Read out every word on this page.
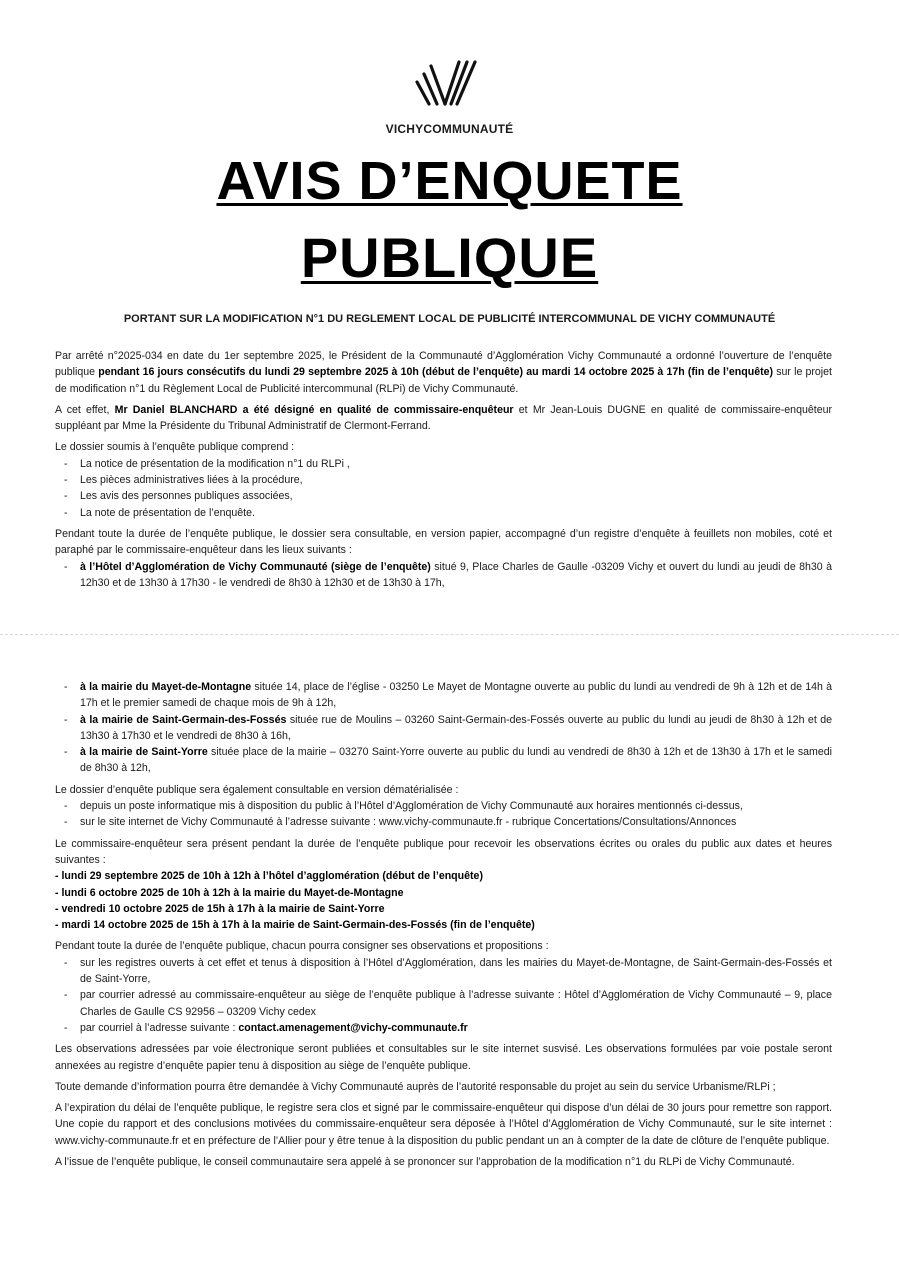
VICHYCOMMUNAUTÉ
AVIS D’ENQUETE
PUBLIQUE
PORTANT SUR LA MODIFICATION N°1 DU REGLEMENT LOCAL DE PUBLICITÉ INTERCOMMUNAL DE VICHY COMMUNAUTÉ

Par arrêté n°2025-034 en date du 1er septembre 2025, le Président de la Communauté d’Agglomération Vichy Communauté a ordonné l’ouverture de l’enquête publique pendant 16 jours consécutifs du lundi 29 septembre 2025 à 10h (début de l’enquête) au mardi 14 octobre 2025 à 17h (fin de l’enquête) sur le projet de modification n°1 du Règlement Local de Publicité intercommunal (RLPi) de Vichy Communauté.

A cet effet, Mr Daniel BLANCHARD a été désigné en qualité de commissaire-enquêteur et Mr Jean-Louis DUGNE en qualité de commissaire-enquêteur suppléant par Mme la Présidente du Tribunal Administratif de Clermont-Ferrand.

Le dossier soumis à l’enquête publique comprend :

- La notice de présentation de la modification n°1 du RLPi ,

- Les pièces administratives liées à la procédure,

- Les avis des personnes publiques associées,

- La note de présentation de l’enquête.

Pendant toute la durée de l’enquête publique, le dossier sera consultable, en version papier, accompagné d’un registre d’enquête à feuillets non mobiles, coté et paraphé par le commissaire-enquêteur dans les lieux suivants :

- à l’Hôtel d’Agglomération de Vichy Communauté (siège de l’enquête) situé 9, Place Charles de Gaulle -03209 Vichy et ouvert du lundi au jeudi de 8h30 à 12h30 et de 13h30 à 17h30 - le vendredi de 8h30 à 12h30 et de 13h30 à 17h,

- à la mairie du Mayet-de-Montagne située 14, place de l’église - 03250 Le Mayet de Montagne ouverte au public du lundi au vendredi de 9h à 12h et de 14h à 17h et le premier samedi de chaque mois de 9h à 12h,

- à la mairie de Saint-Germain-des-Fossés située rue de Moulins – 03260 Saint-Germain-des-Fossés ouverte au public du lundi au jeudi de 8h30 à 12h et de 13h30 à 17h30 et le vendredi de 8h30 à 16h,

- à la mairie de Saint-Yorre située place de la mairie – 03270 Saint-Yorre ouverte au public du lundi au vendredi de 8h30 à 12h et de 13h30 à 17h et le samedi de 8h30 à 12h,

Le dossier d’enquête publique sera également consultable en version dématérialisée :

- depuis un poste informatique mis à disposition du public à l’Hôtel d’Agglomération de Vichy Communauté aux horaires mentionnés ci-dessus,

- sur le site internet de Vichy Communauté à l’adresse suivante : www.vichy-communaute.fr - rubrique Concertations/Consultations/Annonces

Le commissaire-enquêteur sera présent pendant la durée de l’enquête publique pour recevoir les observations écrites ou orales du public aux dates et heures suivantes :

- lundi 29 septembre 2025 de 10h à 12h à l’hôtel d’agglomération (début de l’enquête)

- lundi 6 octobre 2025 de 10h à 12h à la mairie du Mayet-de-Montagne

- vendredi 10 octobre 2025 de 15h à 17h à la mairie de Saint-Yorre

- mardi 14 octobre 2025 de 15h à 17h à la mairie de Saint-Germain-des-Fossés (fin de l’enquête)

Pendant toute la durée de l’enquête publique, chacun pourra consigner ses observations et propositions :

- sur les registres ouverts à cet effet et tenus à disposition à l’Hôtel d’Agglomération, dans les mairies du Mayet-de-Montagne, de Saint-Germain-des-Fossés et de Saint-Yorre,

- par courrier adressé au commissaire-enquêteur au siège de l’enquête publique à l’adresse suivante : Hôtel d’Agglomération de Vichy Communauté – 9, place Charles de Gaulle CS 92956 – 03209 Vichy cedex

- par courriel à l’adresse suivante : contact.amenagement@vichy-communaute.fr

Les observations adressées par voie électronique seront publiées et consultables sur le site internet susvisé. Les observations formulées par voie postale seront annexées au registre d’enquête papier tenu à disposition au siège de l’enquête publique.

Toute demande d’information pourra être demandée à Vichy Communauté auprès de l’autorité responsable du projet au sein du service Urbanisme/RLPi ;

A l’expiration du délai de l’enquête publique, le registre sera clos et signé par le commissaire-enquêteur qui dispose d’un délai de 30 jours pour remettre son rapport. Une copie du rapport et des conclusions motivées du commissaire-enquêteur sera déposée à l’Hôtel d’Agglomération de Vichy Communauté, sur le site internet : www.vichy-communaute.fr et en préfecture de l’Allier pour y être tenue à la disposition du public pendant un an à compter de la date de clôture de l’enquête publique.

A l’issue de l’enquête publique, le conseil communautaire sera appelé à se prononcer sur l’approbation de la modification n°1 du RLPi de Vichy Communauté.
